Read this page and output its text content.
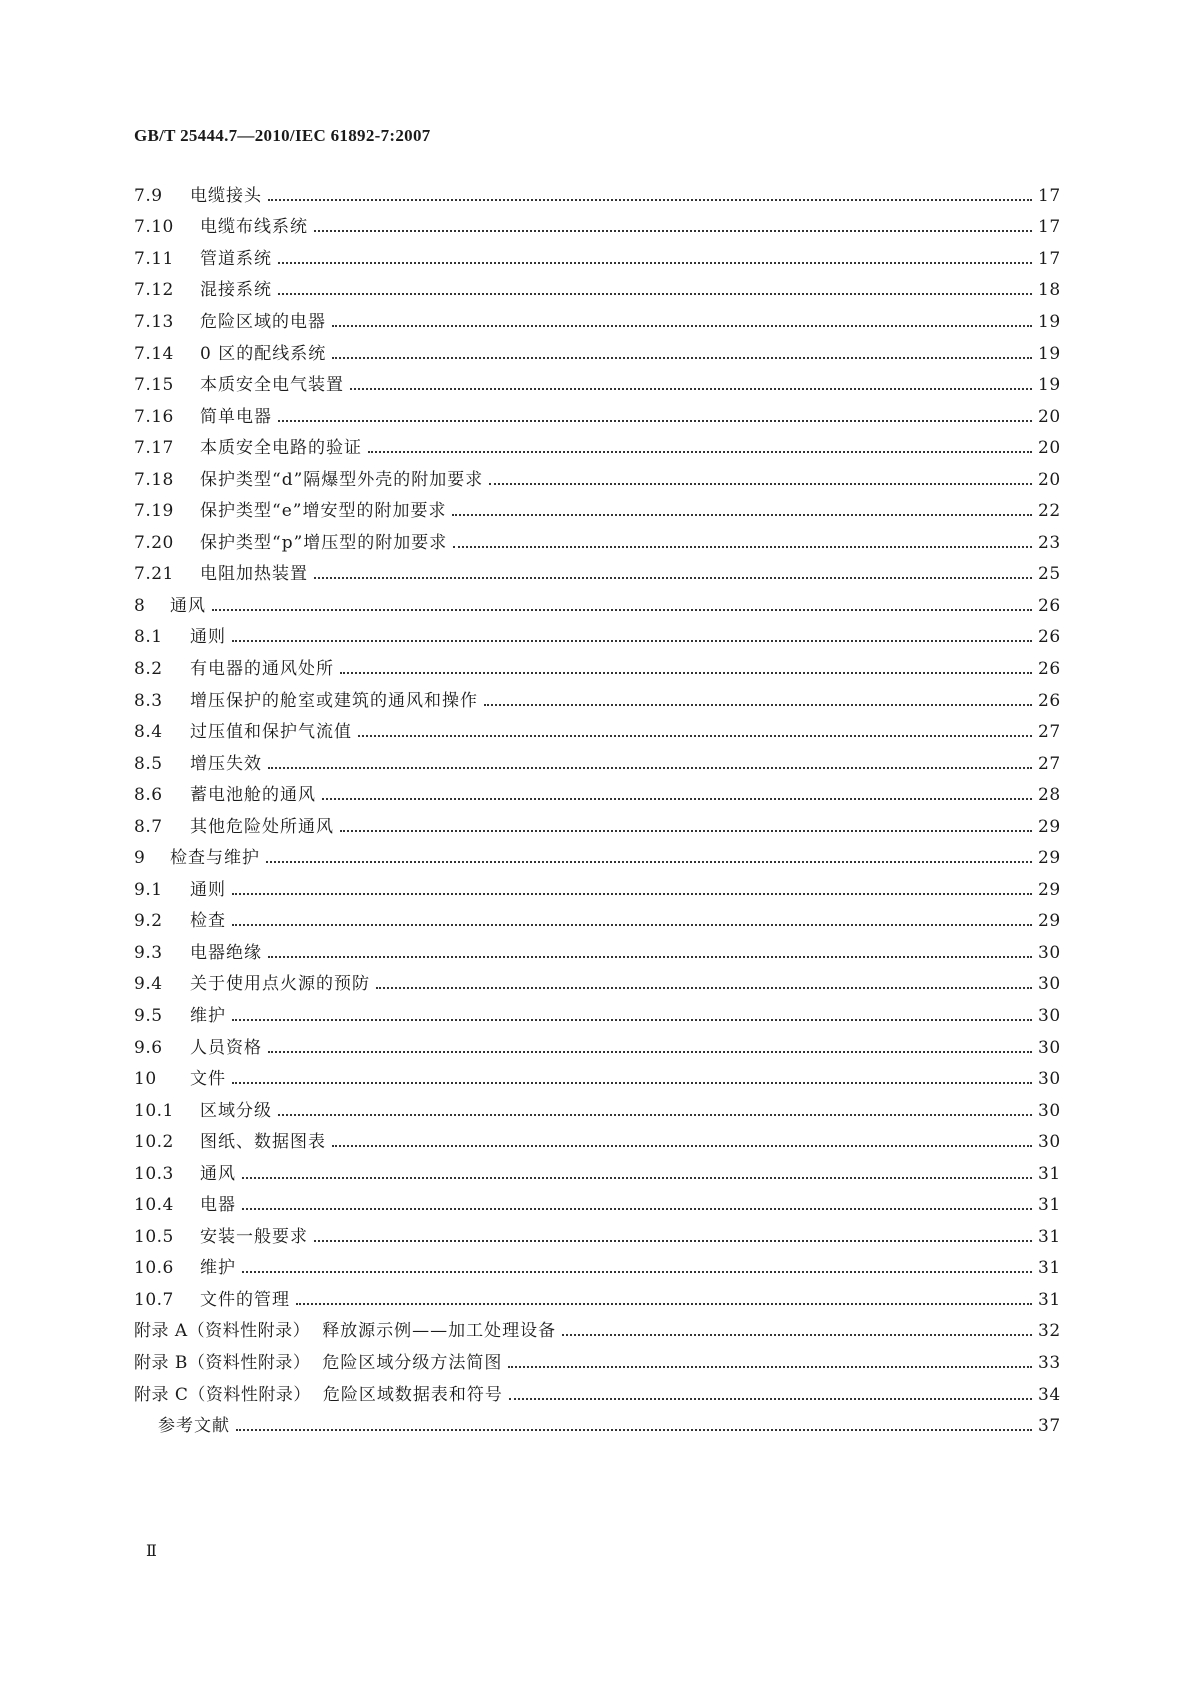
GB/T 25444.7—2010/IEC 61892-7:2007
7.9	电缆接头	17
7.10	电缆布线系统	17
7.11	管道系统	17
7.12	混接系统	18
7.13	危险区域的电器	19
7.14	0 区的配线系统	19
7.15	本质安全电气装置	19
7.16	简单电器	20
7.17	本质安全电路的验证	20
7.18	保护类型“d”隔爆型外壳的附加要求	20
7.19	保护类型“e”增安型的附加要求	22
7.20	保护类型“p”增压型的附加要求	23
7.21	电阻加热装置	25
8	通风	26
8.1	通则	26
8.2	有电器的通风处所	26
8.3	增压保护的舱室或建筑的通风和操作	26
8.4	过压值和保护气流值	27
8.5	增压失效	27
8.6	蓄电池舱的通风	28
8.7	其他危险处所通风	29
9	检查与维护	29
9.1	通则	29
9.2	检查	29
9.3	电器绝缘	30
9.4	关于使用点火源的预防	30
9.5	维护	30
9.6	人员资格	30
10	文件	30
10.1	区域分级	30
10.2	图纸、数据图表	30
10.3	通风	31
10.4	电器	31
10.5	安装一般要求	31
10.6	维护	31
10.7	文件的管理	31
附录 A（资料性附录） 释放源示例——加工处理设备	32
附录 B（资料性附录） 危险区域分级方法简图	33
附录 C（资料性附录） 危险区域数据表和符号	34
参考文献	37
Ⅱ
